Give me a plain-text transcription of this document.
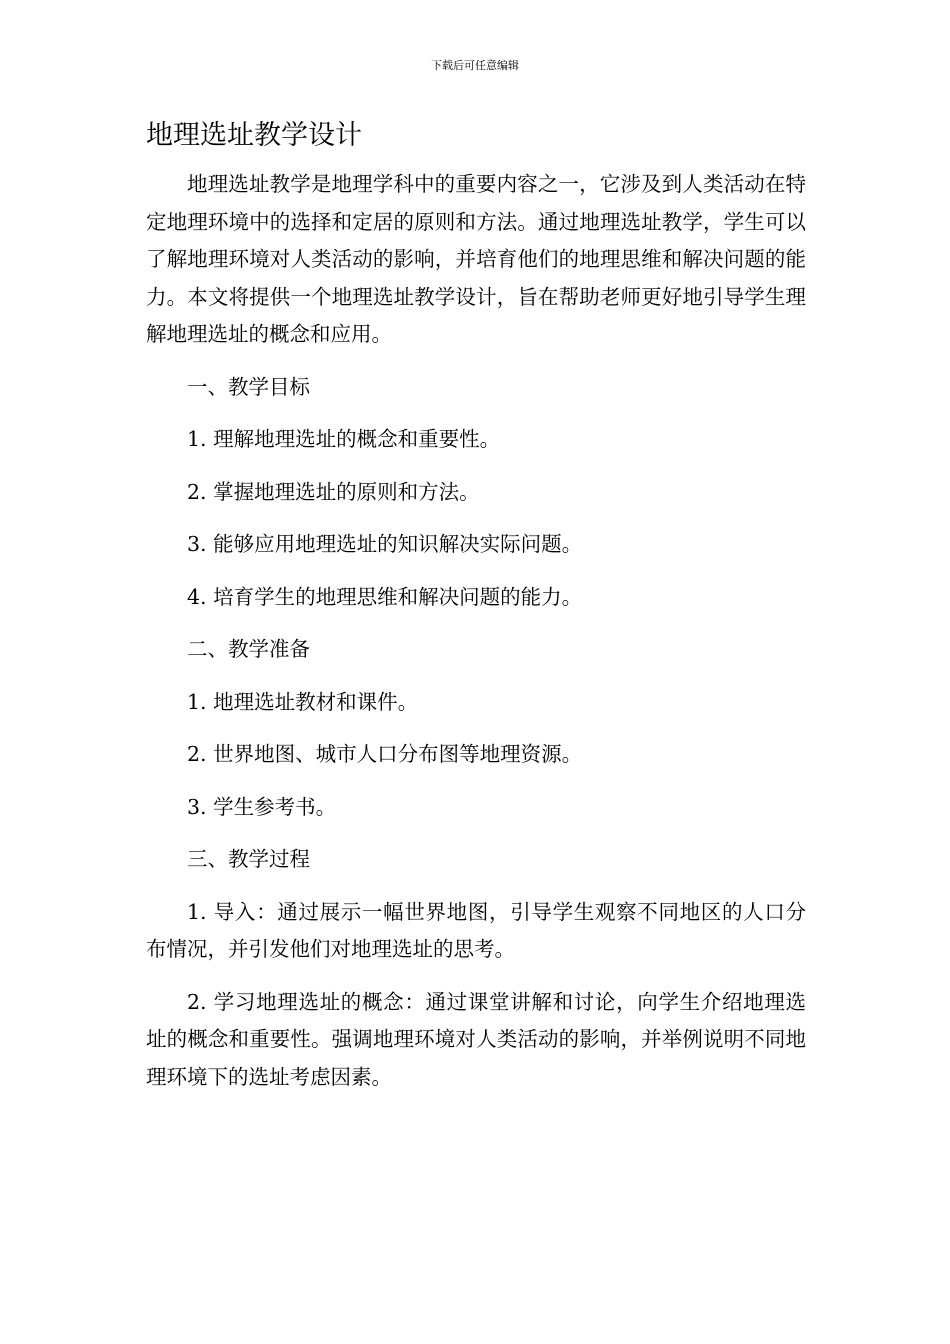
下载后可任意编辑
地理选址教学设计

地理选址教学是地理学科中的重要内容之一，它涉及到人类活动在特定地理环境中的选择和定居的原则和方法。通过地理选址教学，学生可以了解地理环境对人类活动的影响，并培育他们的地理思维和解决问题的能力。本文将提供一个地理选址教学设计，旨在帮助老师更好地引导学生理解地理选址的概念和应用。

一、教学目标

1. 理解地理选址的概念和重要性。

2. 掌握地理选址的原则和方法。

3. 能够应用地理选址的知识解决实际问题。

4. 培育学生的地理思维和解决问题的能力。

二、教学准备

1. 地理选址教材和课件。

2. 世界地图、城市人口分布图等地理资源。

3. 学生参考书。

三、教学过程

1. 导入：通过展示一幅世界地图，引导学生观察不同地区的人口分布情况，并引发他们对地理选址的思考。

2. 学习地理选址的概念：通过课堂讲解和讨论，向学生介绍地理选址的概念和重要性。强调地理环境对人类活动的影响，并举例说明不同地理环境下的选址考虑因素。
